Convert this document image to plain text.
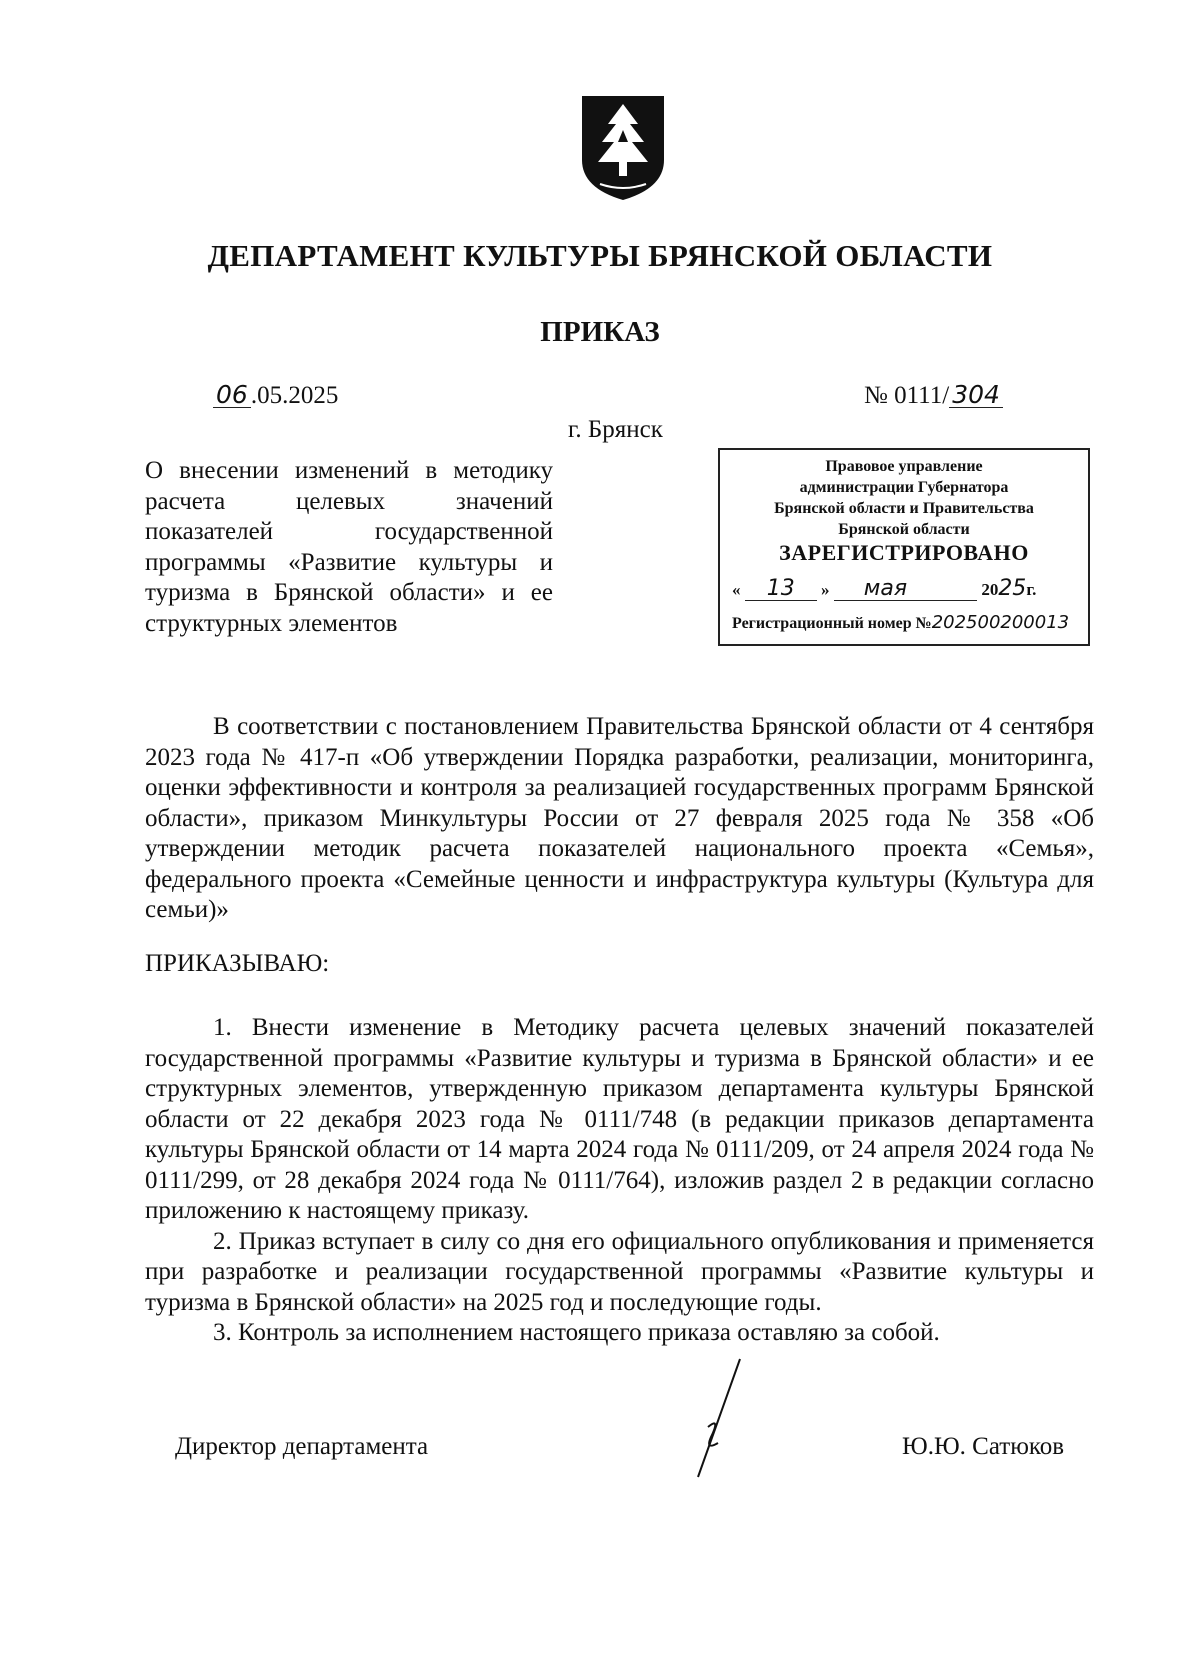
ДЕПАРТАМЕНТ КУЛЬТУРЫ БРЯНСКОЙ ОБЛАСТИ
ПРИКАЗ
06 .05.2025	№ 0111/ 304
г. Брянск
О внесении изменений в методику расчета целевых значений показателей государственной программы «Развитие культуры и туризма в Брянской области» и ее структурных элементов
Правовое управление
администрации Губернатора
Брянской области и Правительства
Брянской области
ЗАРЕГИСТРИРОВАНО
« 13 » мая	2025г.
Регистрационный номер №202500200013

В соответствии с постановлением Правительства Брянской области от 4 сентября 2023 года № 417-п «Об утверждении Порядка разработки, реализации, мониторинга, оценки эффективности и контроля за реализацией государственных программ Брянской области», приказом Минкультуры России от 27 февраля 2025 года № 358 «Об утверждении методик расчета показателей национального проекта «Семья», федерального проекта «Семейные ценности и инфраструктура культуры (Культура для семьи)»

ПРИКАЗЫВАЮ:

1. Внести изменение в Методику расчета целевых значений показателей государственной программы «Развитие культуры и туризма в Брянской области» и ее структурных элементов, утвержденную приказом департамента культуры Брянской области от 22 декабря 2023 года № 0111/748 (в редакции приказов департамента культуры Брянской области от 14 марта 2024 года № 0111/209, от 24 апреля 2024 года № 0111/299, от 28 декабря 2024 года № 0111/764), изложив раздел 2 в редакции согласно приложению к настоящему приказу.

2. Приказ вступает в силу со дня его официального опубликования и применяется при разработке и реализации государственной программы «Развитие культуры и туризма в Брянской области» на 2025 год и последующие годы.

3. Контроль за исполнением настоящего приказа оставляю за собой.

Директор департамента	Ю.Ю. Сатюков
